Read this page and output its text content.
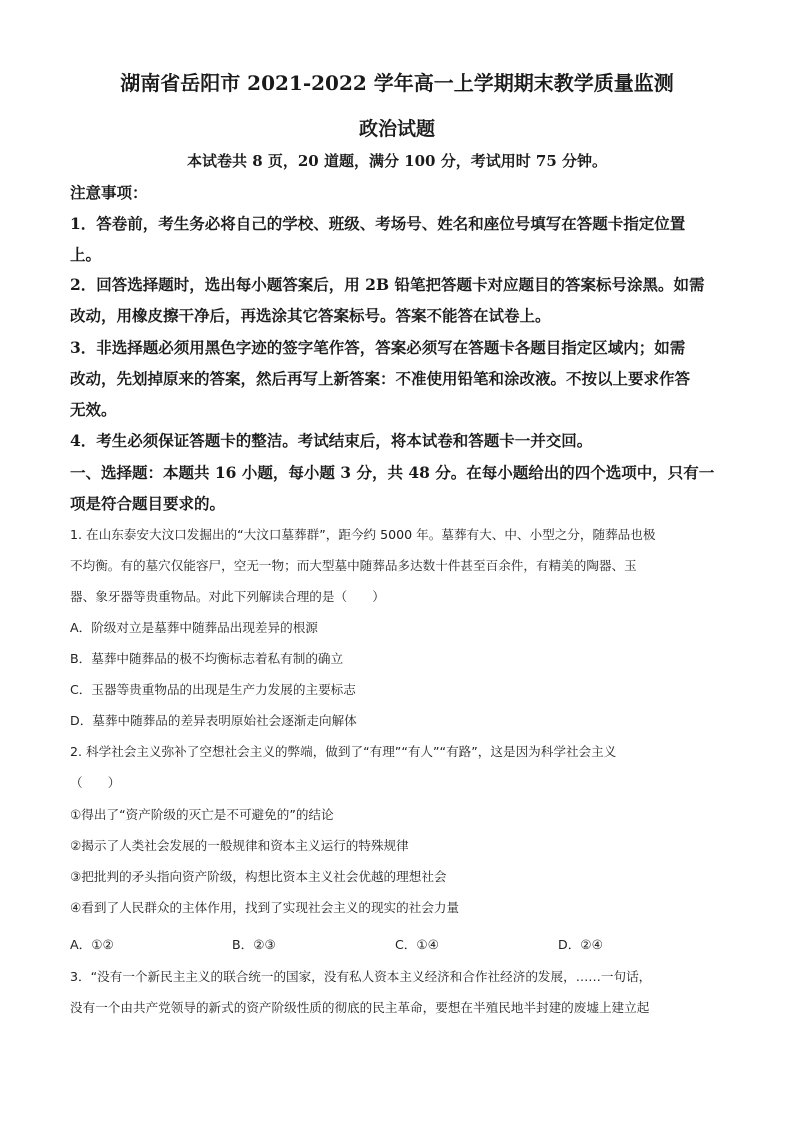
湖南省岳阳市 2021-2022 学年高一上学期期末教学质量监测
政治试题
本试卷共 8 页，20 道题，满分 100 分，考试用时 75 分钟。
注意事项：
1．答卷前，考生务必将自己的学校、班级、考场号、姓名和座位号填写在答题卡指定位置
上。
2．回答选择题时，选出每小题答案后，用 2B 铅笔把答题卡对应题目的答案标号涂黑。如需
改动，用橡皮擦干净后，再选涂其它答案标号。答案不能答在试卷上。
3．非选择题必须用黑色字迹的签字笔作答，答案必须写在答题卡各题目指定区域内；如需
改动，先划掉原来的答案，然后再写上新答案：不准使用铅笔和涂改液。不按以上要求作答
无效。
4．考生必须保证答题卡的整洁。考试结束后，将本试卷和答题卡一并交回。
一、选择题：本题共 16 小题，每小题 3 分，共 48 分。在每小题给出的四个选项中，只有一
项是符合题目要求的。
1. 在山东泰安大汶口发掘出的“大汶口墓葬群”，距今约 5000 年。墓葬有大、中、小型之分，随葬品也极
不均衡。有的墓穴仅能容尸，空无一物；而大型墓中随葬品多达数十件甚至百余件，有精美的陶器、玉
器、象牙器等贵重物品。对此下列解读合理的是（　　）
A．阶级对立是墓葬中随葬品出现差异的根源
B．墓葬中随葬品的极不均衡标志着私有制的确立
C．玉器等贵重物品的出现是生产力发展的主要标志
D．墓葬中随葬品的差异表明原始社会逐渐走向解体
2. 科学社会主义弥补了空想社会主义的弊端，做到了“有理”“有人”“有路”，这是因为科学社会主义
（　　）
①得出了“资产阶级的灭亡是不可避免的”的结论
②揭示了人类社会发展的一般规律和资本主义运行的特殊规律
③把批判的矛头指向资产阶级，构想比资本主义社会优越的理想社会
④看到了人民群众的主体作用，找到了实现社会主义的现实的社会力量
A．①②	B．②③	C．①④	D．②④
3．“没有一个新民主主义的联合统一的国家，没有私人资本主义经济和合作社经济的发展，……一句话，
没有一个由共产党领导的新式的资产阶级性质的彻底的民主革命，要想在半殖民地半封建的废墟上建立起
